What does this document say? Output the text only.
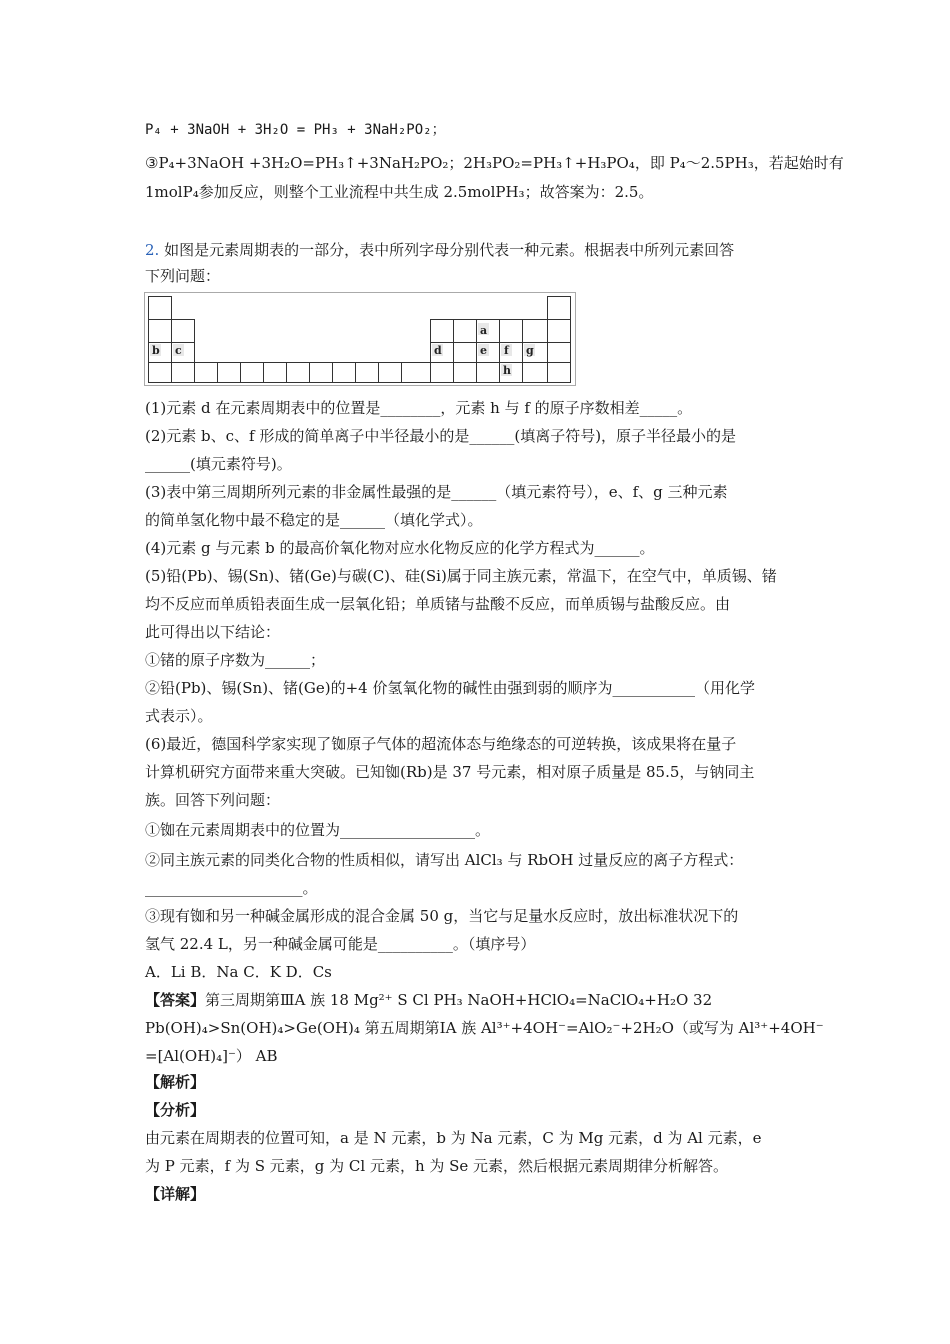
P₄ + 3NaOH + 3H₂O = PH₃ + 3NaH₂PO₂；
③P₄+3NaOH +3H₂O=PH₃↑+3NaH₂PO₂；2H₃PO₂=PH₃↑+H₃PO₄，即 P₄～2.5PH₃，若起始时有
1molP₄参加反应，则整个工业流程中共生成 2.5molPH₃；故答案为：2.5。
2. 如图是元素周期表的一部分，表中所列字母分别代表一种元素。根据表中所列元素回答
下列问题：
b c	d
a
e f g
h
(1)元素 d 在元素周期表中的位置是________，元素 h 与 f 的原子序数相差_____。
(2)元素 b、c、f 形成的简单离子中半径最小的是______(填离子符号)，原子半径最小的是
______(填元素符号)。
(3)表中第三周期所列元素的非金属性最强的是______（填元素符号），e、f、g 三种元素
的简单氢化物中最不稳定的是______（填化学式）。
(4)元素 g 与元素 b 的最高价氧化物对应水化物反应的化学方程式为______。
(5)铅(Pb)、锡(Sn)、锗(Ge)与碳(C)、硅(Si)属于同主族元素，常温下，在空气中，单质锡、锗
均不反应而单质铅表面生成一层氧化铅；单质锗与盐酸不反应，而单质锡与盐酸反应。由
此可得出以下结论：
①锗的原子序数为______；
②铅(Pb)、锡(Sn)、锗(Ge)的+4 价氢氧化物的碱性由强到弱的顺序为___________（用化学
式表示）。
(6)最近，德国科学家实现了铷原子气体的超流体态与绝缘态的可逆转换，该成果将在量子
计算机研究方面带来重大突破。已知铷(Rb)是 37 号元素，相对原子质量是 85.5，与钠同主
族。回答下列问题：
①铷在元素周期表中的位置为__________________。
②同主族元素的同类化合物的性质相似，请写出 AlCl₃ 与 RbOH 过量反应的离子方程式：
_____________________。
③现有铷和另一种碱金属形成的混合金属 50 g，当它与足量水反应时，放出标准状况下的
氢气 22.4 L，另一种碱金属可能是__________。（填序号）
A．Li B．Na C．K D．Cs
【答案】第三周期第ⅢA 族 18 Mg²⁺ S Cl PH₃ NaOH+HClO₄=NaClO₄+H₂O 32
Pb(OH)₄>Sn(OH)₄>Ge(OH)₄ 第五周期第ⅠA 族 Al³⁺+4OH⁻=AlO₂⁻+2H₂O（或写为 Al³⁺+4OH⁻
=[Al(OH)₄]⁻） AB
【解析】
【分析】
由元素在周期表的位置可知，a 是 N 元素，b 为 Na 元素，C 为 Mg 元素，d 为 Al 元素，e
为 P 元素，f 为 S 元素，g 为 Cl 元素，h 为 Se 元素，然后根据元素周期律分析解答。
【详解】
